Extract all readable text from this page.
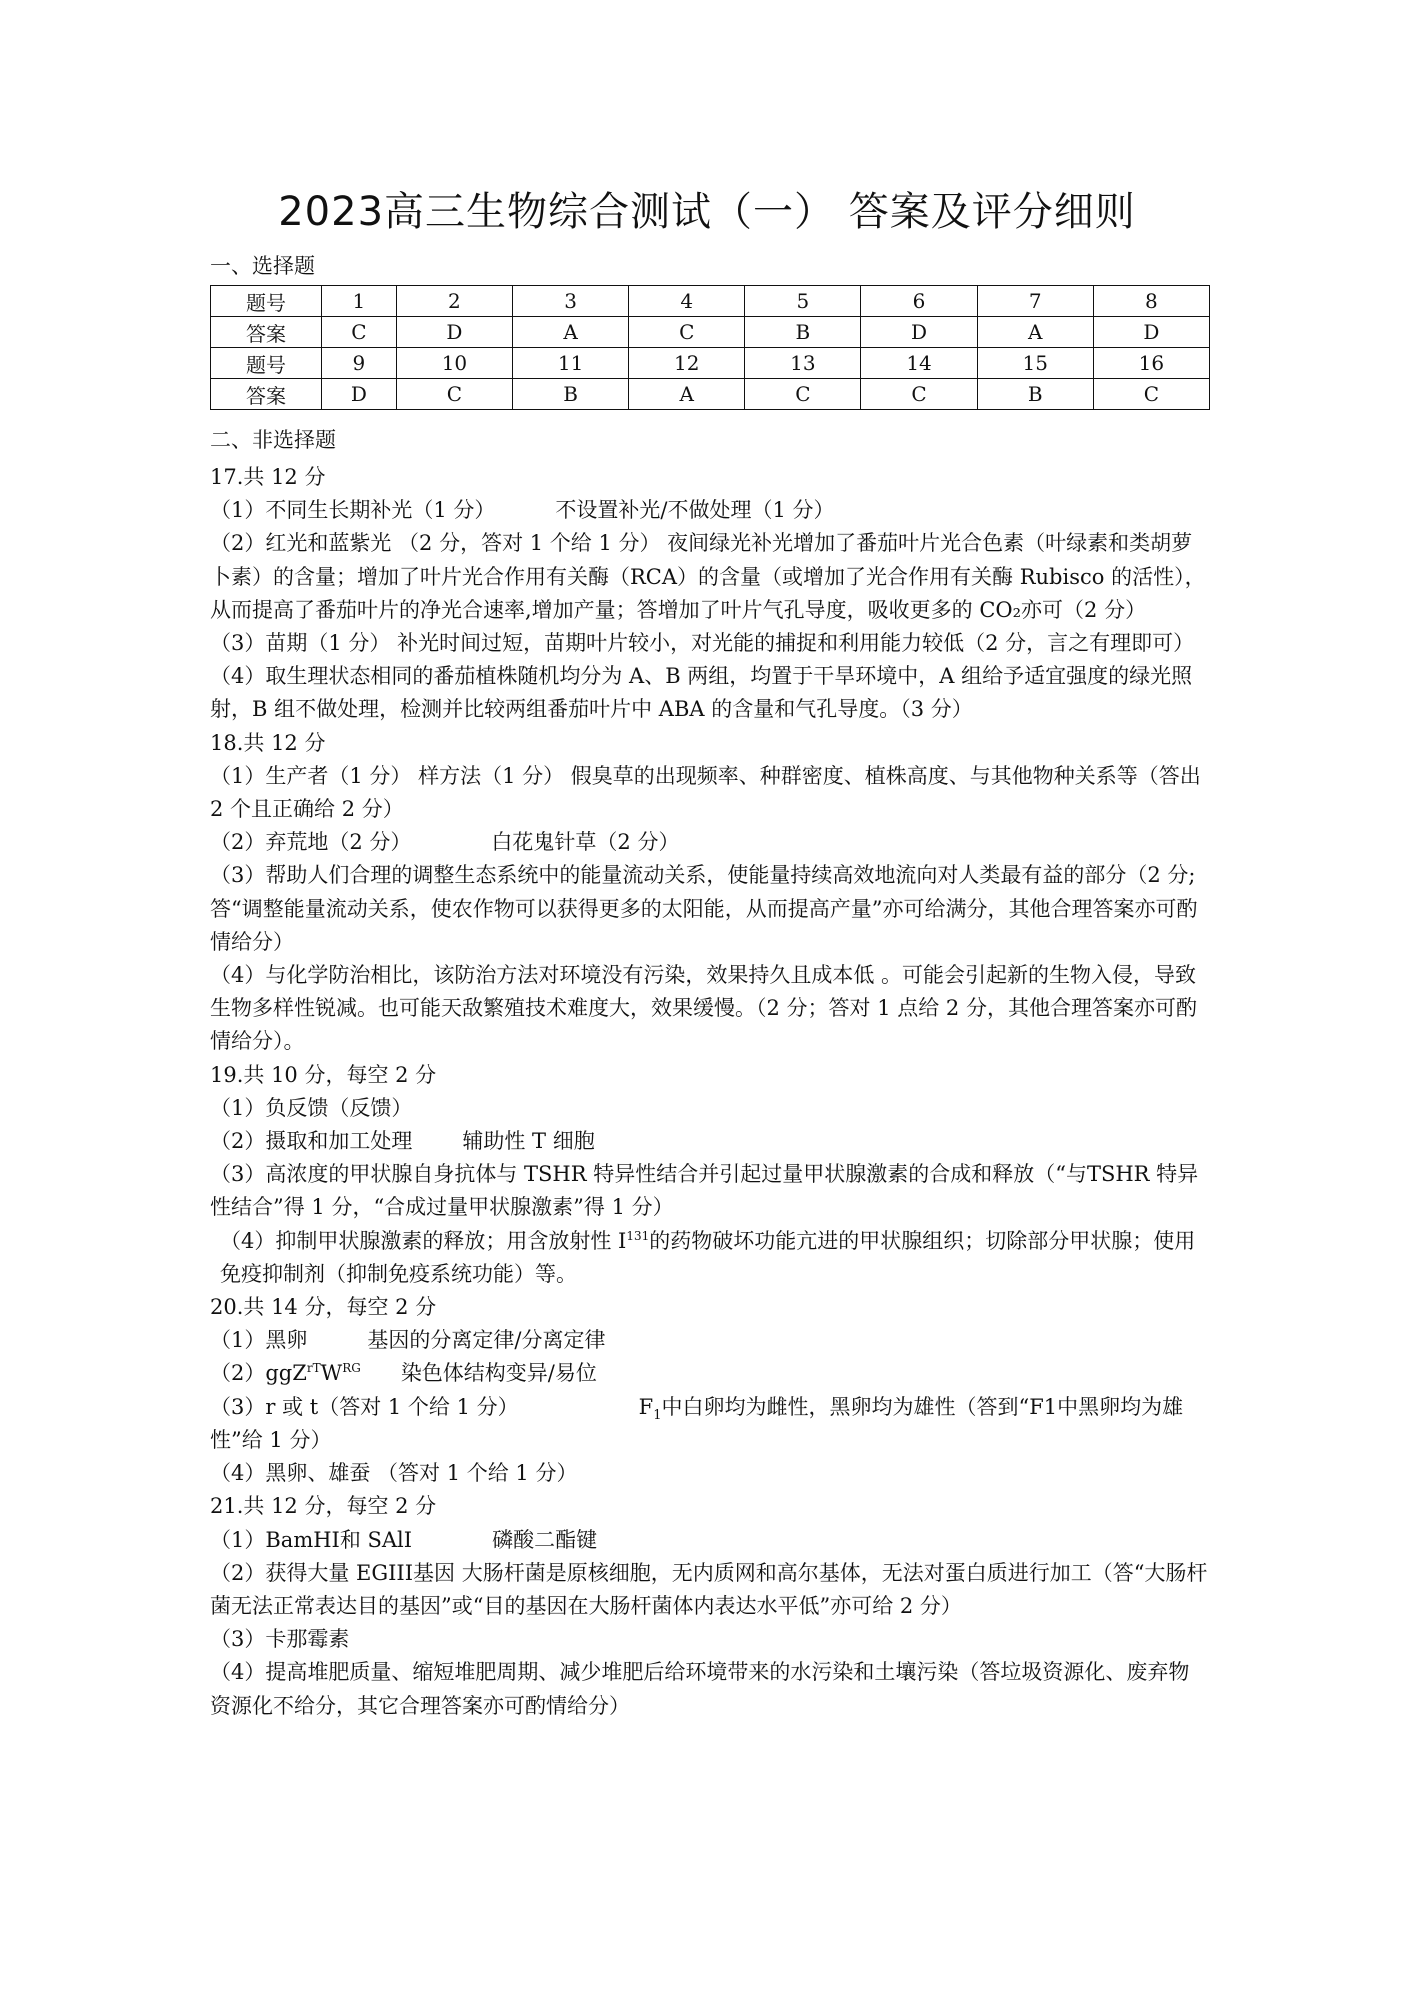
2023高三生物综合测试（一） 答案及评分细则
一、选择题
题号	1	2	3	4	5	6	7	8
答案	C	D	A	C	B	D	A	D
题号	9	10	11	12	13	14	15	16
答案	D	C	B	A	C	C	B	C
二、非选择题

17.共 12 分

（1）不同生长期补光（1 分）	不设置补光/不做处理（1 分）

（2）红光和蓝紫光 （2 分，答对 1 个给 1 分） 夜间绿光补光增加了番茄叶片光合色素（叶绿素和类胡萝卜素）的含量；增加了叶片光合作用有关酶（RCA）的含量（或增加了光合作用有关酶 Rubisco 的活性），从而提高了番茄叶片的净光合速率,增加产量；答增加了叶片气孔导度，吸收更多的 CO₂亦可（2 分）

（3）苗期（1 分） 补光时间过短，苗期叶片较小，对光能的捕捉和利用能力较低（2 分，言之有理即可）

（4）取生理状态相同的番茄植株随机均分为 A、B 两组，均置于干旱环境中，A 组给予适宜强度的绿光照射，B 组不做处理，检测并比较两组番茄叶片中 ABA 的含量和气孔导度。（3 分）

18.共 12 分

（1）生产者（1 分） 样方法（1 分） 假臭草的出现频率、种群密度、植株高度、与其他物种关系等（答出 2 个且正确给 2 分）

（2）弃荒地（2 分）	白花鬼针草（2 分）

（3）帮助人们合理的调整生态系统中的能量流动关系，使能量持续高效地流向对人类最有益的部分（2 分;答“调整能量流动关系，使农作物可以获得更多的太阳能，从而提高产量”亦可给满分，其他合理答案亦可酌情给分）

（4）与化学防治相比，该防治方法对环境没有污染，效果持久且成本低 。可能会引起新的生物入侵，导致生物多样性锐减。也可能天敌繁殖技术难度大，效果缓慢。（2 分；答对 1 点给 2 分，其他合理答案亦可酌情给分）。

19.共 10 分，每空 2 分

（1）负反馈（反馈）

（2）摄取和加工处理 辅助性 T 细胞

（3）高浓度的甲状腺自身抗体与 TSHR 特异性结合并引起过量甲状腺激素的合成和释放（“与TSHR 特异性结合”得 1 分，“合成过量甲状腺激素”得 1 分）

（4）抑制甲状腺激素的释放；用含放射性 $I^{131}$的药物破坏功能亢进的甲状腺组织；切除部分甲状腺；使用免疫抑制剂（抑制免疫系统功能）等。

20.共 14 分，每空 2 分

（1）黑卵	基因的分离定律/分离定律

$(2)ggZ^{rT}W^{RG}$ 染色体结构变异/易位

（3）r 或 t（答对 1 个给 1 分）	$F_1$中白卵均为雌性，黑卵均为雄性（答到“F1中黑卵均为雄性”给 1 分）

（4）黑卵、雄蚕 （答对 1 个给 1 分）

21.共 12 分，每空 2 分

（1）BamHⅠ和 SAlⅠ	磷酸二酯键

（2）获得大量 EGIII基因 大肠杆菌是原核细胞，无内质网和高尔基体，无法对蛋白质进行加工（答“大肠杆菌无法正常表达目的基因”或“目的基因在大肠杆菌体内表达水平低”亦可给 2 分）

（3）卡那霉素

（4）提高堆肥质量、缩短堆肥周期、减少堆肥后给环境带来的水污染和土壤污染（答垃圾资源化、废弃物资源化不给分，其它合理答案亦可酌情给分）
